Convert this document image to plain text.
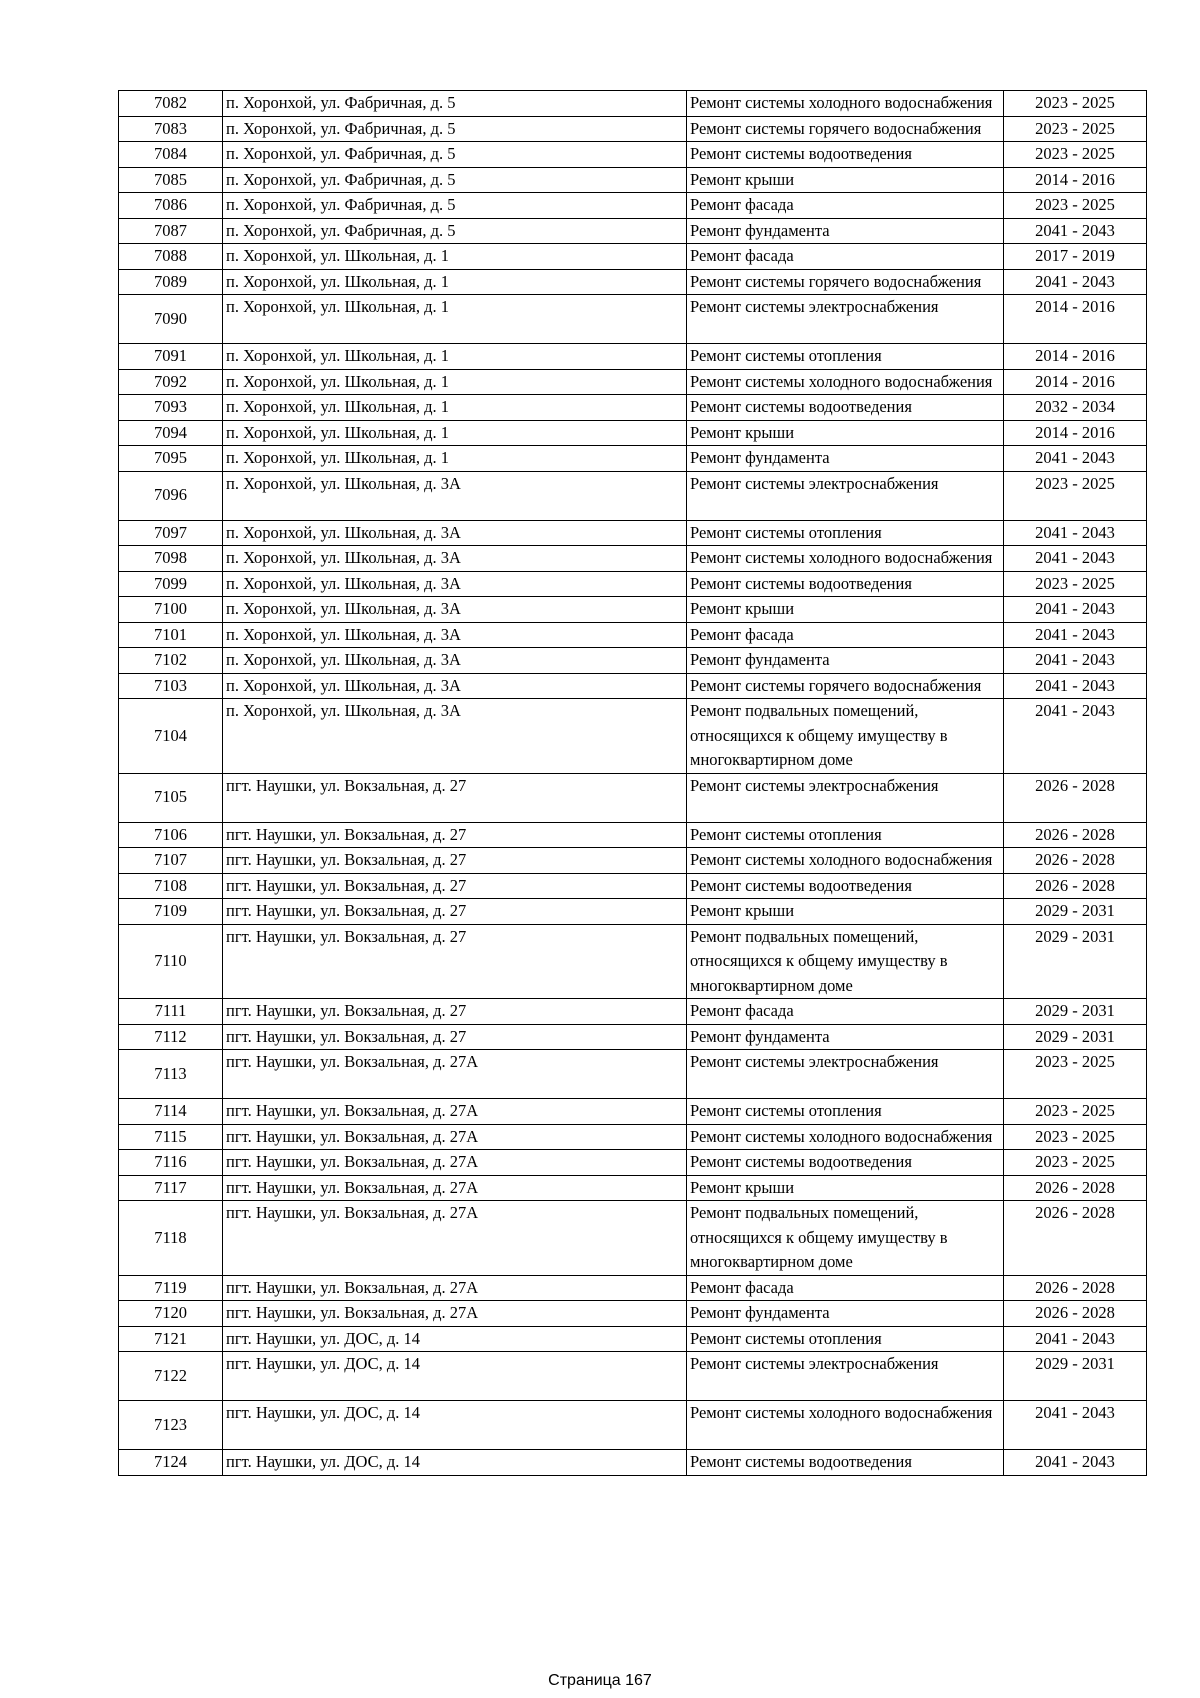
7082	п. Хоронхой, ул. Фабричная, д. 5	Ремонт системы холодного водоснабжения	2023 - 2025
7083	п. Хоронхой, ул. Фабричная, д. 5	Ремонт системы горячего водоснабжения	2023 - 2025
7084	п. Хоронхой, ул. Фабричная, д. 5	Ремонт системы водоотведения	2023 - 2025
7085	п. Хоронхой, ул. Фабричная, д. 5	Ремонт крыши	2014 - 2016
7086	п. Хоронхой, ул. Фабричная, д. 5	Ремонт фасада	2023 - 2025
7087	п. Хоронхой, ул. Фабричная, д. 5	Ремонт фундамента	2041 - 2043
7088	п. Хоронхой, ул. Школьная, д. 1	Ремонт фасада	2017 - 2019
7089	п. Хоронхой, ул. Школьная, д. 1	Ремонт системы горячего водоснабжения	2041 - 2043
7090	п. Хоронхой, ул. Школьная, д. 1	Ремонт системы электроснабжения	2014 - 2016
7091	п. Хоронхой, ул. Школьная, д. 1	Ремонт системы отопления	2014 - 2016
7092	п. Хоронхой, ул. Школьная, д. 1	Ремонт системы холодного водоснабжения	2014 - 2016
7093	п. Хоронхой, ул. Школьная, д. 1	Ремонт системы водоотведения	2032 - 2034
7094	п. Хоронхой, ул. Школьная, д. 1	Ремонт крыши	2014 - 2016
7095	п. Хоронхой, ул. Школьная, д. 1	Ремонт фундамента	2041 - 2043
7096	п. Хоронхой, ул. Школьная, д. 3А	Ремонт системы электроснабжения	2023 - 2025
7097	п. Хоронхой, ул. Школьная, д. 3А	Ремонт системы отопления	2041 - 2043
7098	п. Хоронхой, ул. Школьная, д. 3А	Ремонт системы холодного водоснабжения	2041 - 2043
7099	п. Хоронхой, ул. Школьная, д. 3А	Ремонт системы водоотведения	2023 - 2025
7100	п. Хоронхой, ул. Школьная, д. 3А	Ремонт крыши	2041 - 2043
7101	п. Хоронхой, ул. Школьная, д. 3А	Ремонт фасада	2041 - 2043
7102	п. Хоронхой, ул. Школьная, д. 3А	Ремонт фундамента	2041 - 2043
7103	п. Хоронхой, ул. Школьная, д. 3А	Ремонт системы горячего водоснабжения	2041 - 2043
7104	п. Хоронхой, ул. Школьная, д. 3А	Ремонт подвальных помещений, относящихся к общему имуществу в многоквартирном доме	2041 - 2043
7105	пгт. Наушки, ул. Вокзальная, д. 27	Ремонт системы электроснабжения	2026 - 2028
7106	пгт. Наушки, ул. Вокзальная, д. 27	Ремонт системы отопления	2026 - 2028
7107	пгт. Наушки, ул. Вокзальная, д. 27	Ремонт системы холодного водоснабжения	2026 - 2028
7108	пгт. Наушки, ул. Вокзальная, д. 27	Ремонт системы водоотведения	2026 - 2028
7109	пгт. Наушки, ул. Вокзальная, д. 27	Ремонт крыши	2029 - 2031
7110	пгт. Наушки, ул. Вокзальная, д. 27	Ремонт подвальных помещений, относящихся к общему имуществу в многоквартирном доме	2029 - 2031
7111	пгт. Наушки, ул. Вокзальная, д. 27	Ремонт фасада	2029 - 2031
7112	пгт. Наушки, ул. Вокзальная, д. 27	Ремонт фундамента	2029 - 2031
7113	пгт. Наушки, ул. Вокзальная, д. 27А	Ремонт системы электроснабжения	2023 - 2025
7114	пгт. Наушки, ул. Вокзальная, д. 27А	Ремонт системы отопления	2023 - 2025
7115	пгт. Наушки, ул. Вокзальная, д. 27А	Ремонт системы холодного водоснабжения	2023 - 2025
7116	пгт. Наушки, ул. Вокзальная, д. 27А	Ремонт системы водоотведения	2023 - 2025
7117	пгт. Наушки, ул. Вокзальная, д. 27А	Ремонт крыши	2026 - 2028
7118	пгт. Наушки, ул. Вокзальная, д. 27А	Ремонт подвальных помещений, относящихся к общему имуществу в многоквартирном доме	2026 - 2028
7119	пгт. Наушки, ул. Вокзальная, д. 27А	Ремонт фасада	2026 - 2028
7120	пгт. Наушки, ул. Вокзальная, д. 27А	Ремонт фундамента	2026 - 2028
7121	пгт. Наушки, ул. ДОС, д. 14	Ремонт системы отопления	2041 - 2043
7122	пгт. Наушки, ул. ДОС, д. 14	Ремонт системы электроснабжения	2029 - 2031
7123	пгт. Наушки, ул. ДОС, д. 14	Ремонт системы холодного водоснабжения	2041 - 2043
7124	пгт. Наушки, ул. ДОС, д. 14	Ремонт системы водоотведения	2041 - 2043
Страница 167
